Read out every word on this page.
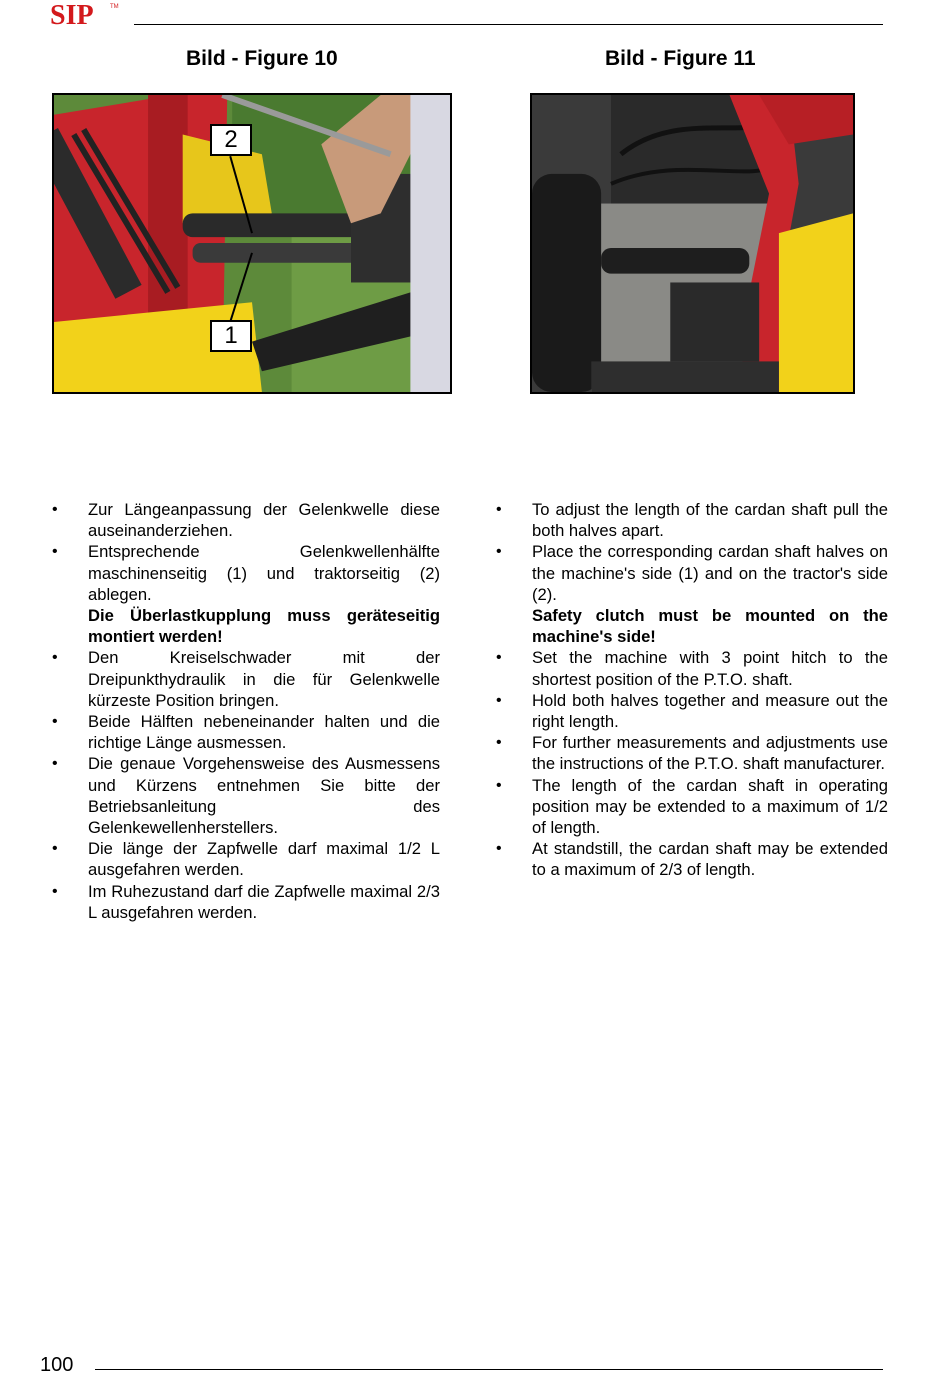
SIP	TM
Bild - Figure 10	Bild - Figure 11
2
1
• Zur Längeanpassung der Gelenkwelle diese auseinanderziehen.

• Entsprechende Gelenkwellenhälfte maschinenseitig (1) und traktorseitig (2) ablegen.

Die Überlastkupplung muss geräteseitig montiert werden!

• Den Kreiselschwader mit der Dreipunkthydraulik in die für Gelenkwelle kürzeste Position bringen.

• Beide Hälften nebeneinander halten und die richtige Länge ausmessen.

• Die genaue Vorgehensweise des Ausmessens und Kürzens entnehmen Sie bitte der Betriebsanleitung des Gelenkewellenherstellers.

• Die länge der Zapfwelle darf maximal 1/2 L ausgefahren werden.

• Im Ruhezustand darf die Zapfwelle maximal 2/3 L ausgefahren werden.

• To adjust the length of the cardan shaft pull the both halves apart.

• Place the corresponding cardan shaft halves on the machine's side (1) and on the tractor's side (2).

Safety clutch must be mounted on the machine's side!

• Set the machine with 3 point hitch to the shortest position of the P.T.O. shaft.

• Hold both halves together and measure out the right length.

• For further measurements and adjustments use the instructions of the P.T.O. shaft manufacturer.

• The length of the cardan shaft in operating position may be extended to a maximum of 1/2 of length.

• At standstill, the cardan shaft may be extended to a maximum of 2/3 of length.

100
